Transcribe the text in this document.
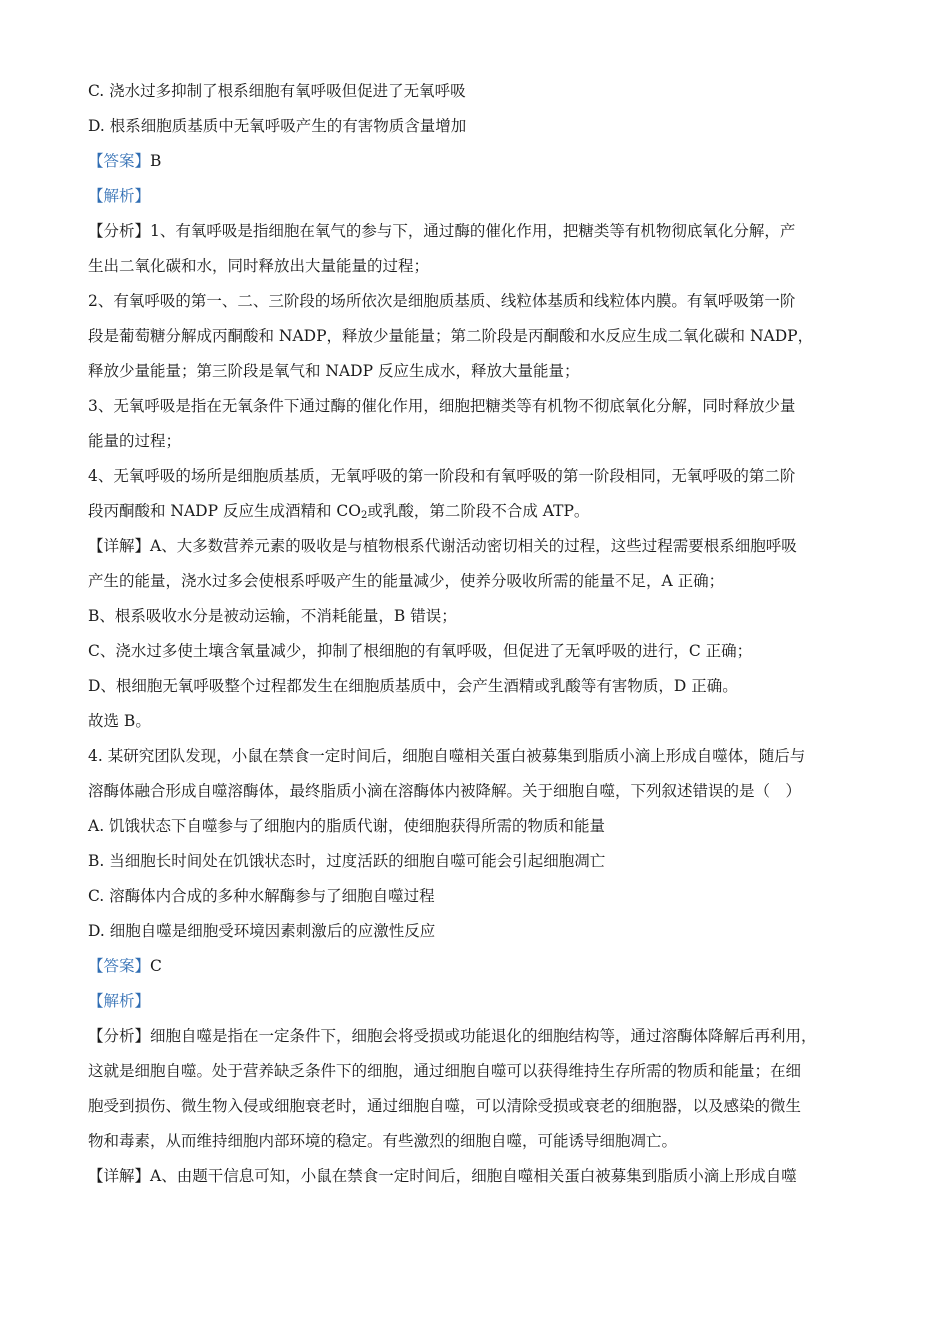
C. 浇水过多抑制了根系细胞有氧呼吸但促进了无氧呼吸
D. 根系细胞质基质中无氧呼吸产生的有害物质含量增加
【答案】B
【解析】
【分析】1、有氧呼吸是指细胞在氧气的参与下，通过酶的催化作用，把糖类等有机物彻底氧化分解，产
生出二氧化碳和水，同时释放出大量能量的过程；
2、有氧呼吸的第一、二、三阶段的场所依次是细胞质基质、线粒体基质和线粒体内膜。有氧呼吸第一阶
段是葡萄糖分解成丙酮酸和 NADP，释放少量能量；第二阶段是丙酮酸和水反应生成二氧化碳和 NADP，
释放少量能量；第三阶段是氧气和 NADP 反应生成水，释放大量能量；
3、无氧呼吸是指在无氧条件下通过酶的催化作用，细胞把糖类等有机物不彻底氧化分解，同时释放少量
能量的过程；
4、无氧呼吸的场所是细胞质基质，无氧呼吸的第一阶段和有氧呼吸的第一阶段相同，无氧呼吸的第二阶
段丙酮酸和 NADP 反应生成酒精和 $CO_2$或乳酸，第二阶段不合成 ATP。
【详解】A、大多数营养元素的吸收是与植物根系代谢活动密切相关的过程，这些过程需要根系细胞呼吸
产生的能量，浇水过多会使根系呼吸产生的能量减少，使养分吸收所需的能量不足，A 正确；
B、根系吸收水分是被动运输，不消耗能量，B 错误；
C、浇水过多使土壤含氧量减少，抑制了根细胞的有氧呼吸，但促进了无氧呼吸的进行，C 正确；
D、根细胞无氧呼吸整个过程都发生在细胞质基质中，会产生酒精或乳酸等有害物质，D 正确。
故选 B。
4. 某研究团队发现，小鼠在禁食一定时间后，细胞自噬相关蛋白被募集到脂质小滴上形成自噬体，随后与
溶酶体融合形成自噬溶酶体，最终脂质小滴在溶酶体内被降解。关于细胞自噬，下列叙述错误的是（　）
A. 饥饿状态下自噬参与了细胞内的脂质代谢，使细胞获得所需的物质和能量
B. 当细胞长时间处在饥饿状态时，过度活跃的细胞自噬可能会引起细胞凋亡
C. 溶酶体内合成的多种水解酶参与了细胞自噬过程
D. 细胞自噬是细胞受环境因素刺激后的应激性反应
【答案】C
【解析】
【分析】细胞自噬是指在一定条件下，细胞会将受损或功能退化的细胞结构等，通过溶酶体降解后再利用，
这就是细胞自噬。处于营养缺乏条件下的细胞，通过细胞自噬可以获得维持生存所需的物质和能量；在细
胞受到损伤、微生物入侵或细胞衰老时，通过细胞自噬，可以清除受损或衰老的细胞器，以及感染的微生
物和毒素，从而维持细胞内部环境的稳定。有些激烈的细胞自噬，可能诱导细胞凋亡。
【详解】A、由题干信息可知，小鼠在禁食一定时间后，细胞自噬相关蛋白被募集到脂质小滴上形成自噬
